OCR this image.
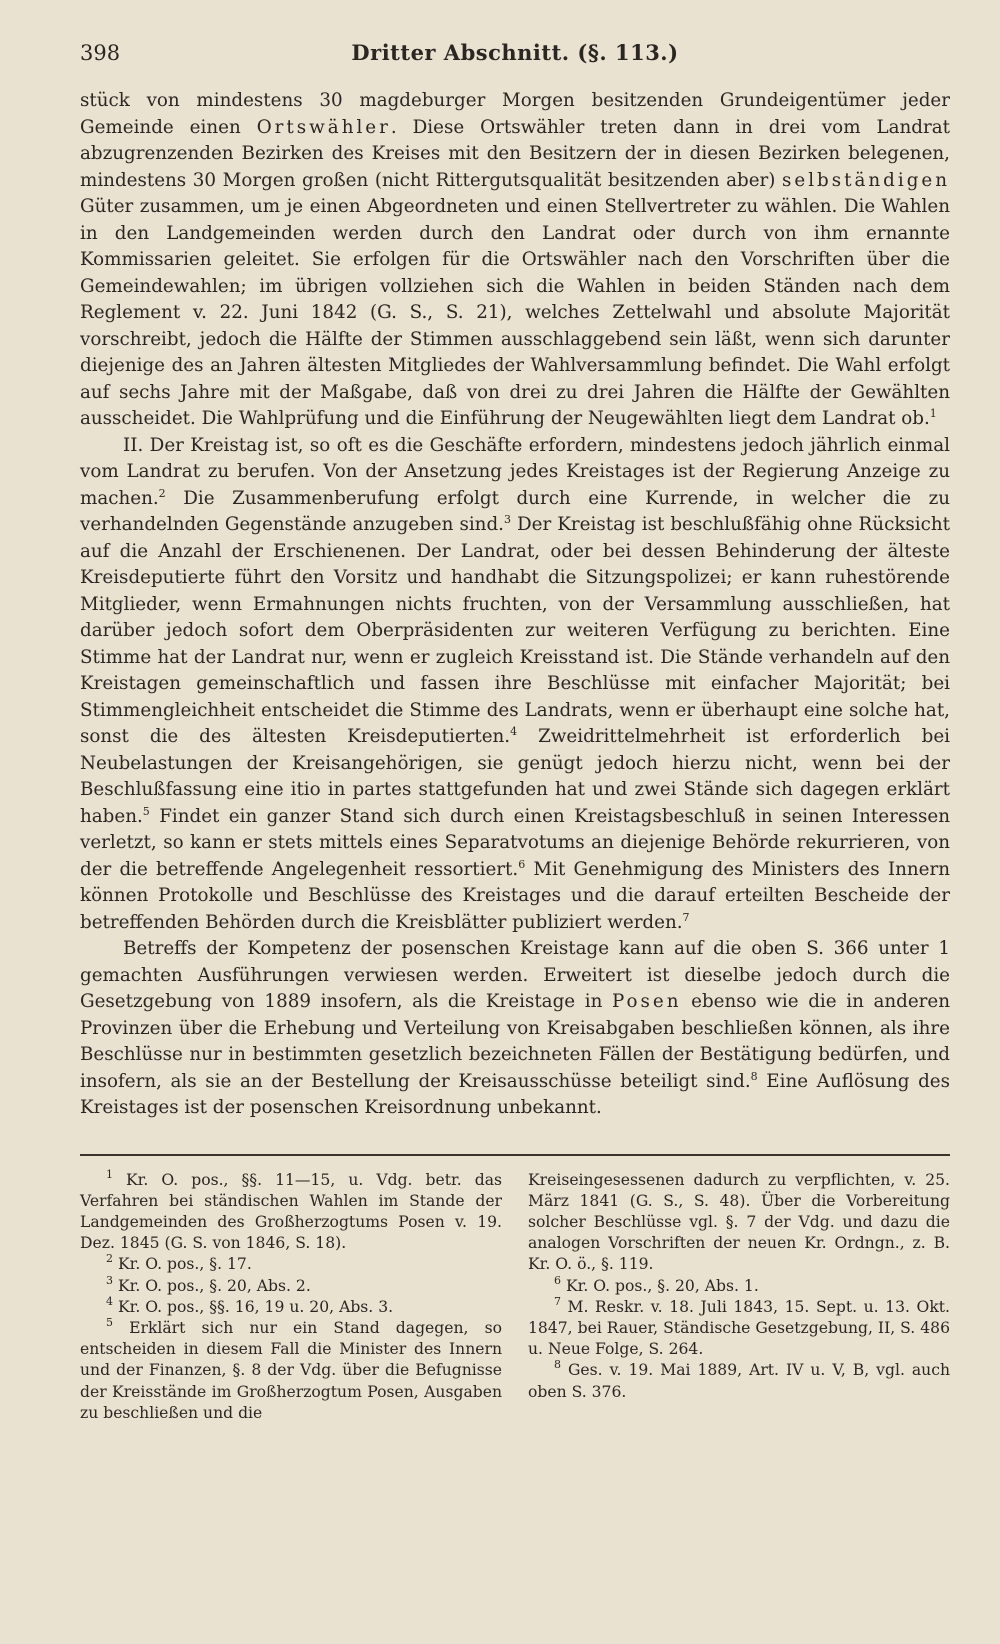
398	Dritter Abschnitt. (§. 113.)

stück von mindestens 30 magdeburger Morgen besitzenden Grundeigentümer jeder Gemeinde einen Ortswähler. Diese Ortswähler treten dann in drei vom Landrat abzugrenzenden Bezirken des Kreises mit den Besitzern der in diesen Bezirken belegenen, mindestens 30 Morgen großen (nicht Rittergutsqualität besitzenden aber) selbständigen Güter zusammen, um je einen Abgeordneten und einen Stellvertreter zu wählen. Die Wahlen in den Landgemeinden werden durch den Landrat oder durch von ihm ernannte Kommissarien geleitet. Sie erfolgen für die Ortswähler nach den Vorschriften über die Gemeindewahlen; im übrigen vollziehen sich die Wahlen in beiden Ständen nach dem Reglement v. 22. Juni 1842 (G. S., S. 21), welches Zettelwahl und absolute Majorität vorschreibt, jedoch die Hälfte der Stimmen ausschlaggebend sein läßt, wenn sich darunter diejenige des an Jahren ältesten Mitgliedes der Wahlversammlung befindet. Die Wahl erfolgt auf sechs Jahre mit der Maßgabe, daß von drei zu drei Jahren die Hälfte der Gewählten ausscheidet. Die Wahlprüfung und die Einführung der Neugewählten liegt dem Landrat ob.$^1$

II. Der Kreistag ist, so oft es die Geschäfte erfordern, mindestens jedoch jährlich einmal vom Landrat zu berufen. Von der Ansetzung jedes Kreistages ist der Regierung Anzeige zu machen.$^2$ Die Zusammenberufung erfolgt durch eine Kurrende, in welcher die zu verhandelnden Gegenstände anzugeben sind.$^3$ Der Kreistag ist beschlußfähig ohne Rücksicht auf die Anzahl der Erschienenen. Der Landrat, oder bei dessen Behinderung der älteste Kreisdeputierte führt den Vorsitz und handhabt die Sitzungspolizei; er kann ruhestörende Mitglieder, wenn Ermahnungen nichts fruchten, von der Versammlung ausschließen, hat darüber jedoch sofort dem Oberpräsidenten zur weiteren Verfügung zu berichten. Eine Stimme hat der Landrat nur, wenn er zugleich Kreisstand ist. Die Stände verhandeln auf den Kreistagen gemeinschaftlich und fassen ihre Beschlüsse mit einfacher Majorität; bei Stimmengleichheit entscheidet die Stimme des Landrats, wenn er überhaupt eine solche hat, sonst die des ältesten Kreisdeputierten.$^4$ Zweidrittelmehrheit ist erforderlich bei Neubelastungen der Kreisangehörigen, sie genügt jedoch hierzu nicht, wenn bei der Beschlußfassung eine itio in partes stattgefunden hat und zwei Stände sich dagegen erklärt haben.$^5$ Findet ein ganzer Stand sich durch einen Kreistagsbeschluß in seinen Interessen verletzt, so kann er stets mittels eines Separatvotums an diejenige Behörde rekurrieren, von der die betreffende Angelegenheit ressortiert.$^6$ Mit Genehmigung des Ministers des Innern können Protokolle und Beschlüsse des Kreistages und die darauf erteilten Bescheide der betreffenden Behörden durch die Kreisblätter publiziert werden.$^7$

Betreffs der Kompetenz der posenschen Kreistage kann auf die oben S. 366 unter 1 gemachten Ausführungen verwiesen werden. Erweitert ist dieselbe jedoch durch die Gesetzgebung von 1889 insofern, als die Kreistage in Posen ebenso wie die in anderen Provinzen über die Erhebung und Verteilung von Kreisabgaben beschließen können, als ihre Beschlüsse nur in bestimmten gesetzlich bezeichneten Fällen der Bestätigung bedürfen, und insofern, als sie an der Bestellung der Kreisausschüsse beteiligt sind.$^8$ Eine Auflösung des Kreistages ist der posenschen Kreisordnung unbekannt.

$^1$ Kr. O. pos., §§. 11—15, u. Vdg. betr. das Verfahren bei ständischen Wahlen im Stande der Landgemeinden des Großherzogtums Posen v. 19. Dez. 1845 (G. S. von 1846, S. 18).

$^2$ Kr. O. pos., §. 17.

$^3$ Kr. O. pos., §. 20, Abs. 2.

$^4$ Kr. O. pos., §§. 16, 19 u. 20, Abs. 3.

$^5$ Erklärt sich nur ein Stand dagegen, so entscheiden in diesem Fall die Minister des Innern und der Finanzen, §. 8 der Vdg. über die Befugnisse der Kreisstände im Großherzogtum Posen, Ausgaben zu beschließen und die

Kreiseingesessenen dadurch zu verpflichten, v. 25. März 1841 (G. S., S. 48). Über die Vorbereitung solcher Beschlüsse vgl. §. 7 der Vdg. und dazu die analogen Vorschriften der neuen Kr. Ordngn., z. B. Kr. O. ö., §. 119.

$^6$ Kr. O. pos., §. 20, Abs. 1.

$^7$ M. Reskr. v. 18. Juli 1843, 15. Sept. u. 13. Okt. 1847, bei Rauer, Ständische Gesetzgebung, II, S. 486 u. Neue Folge, S. 264.

$^8$ Ges. v. 19. Mai 1889, Art. IV u. V, B, vgl. auch oben S. 376.
